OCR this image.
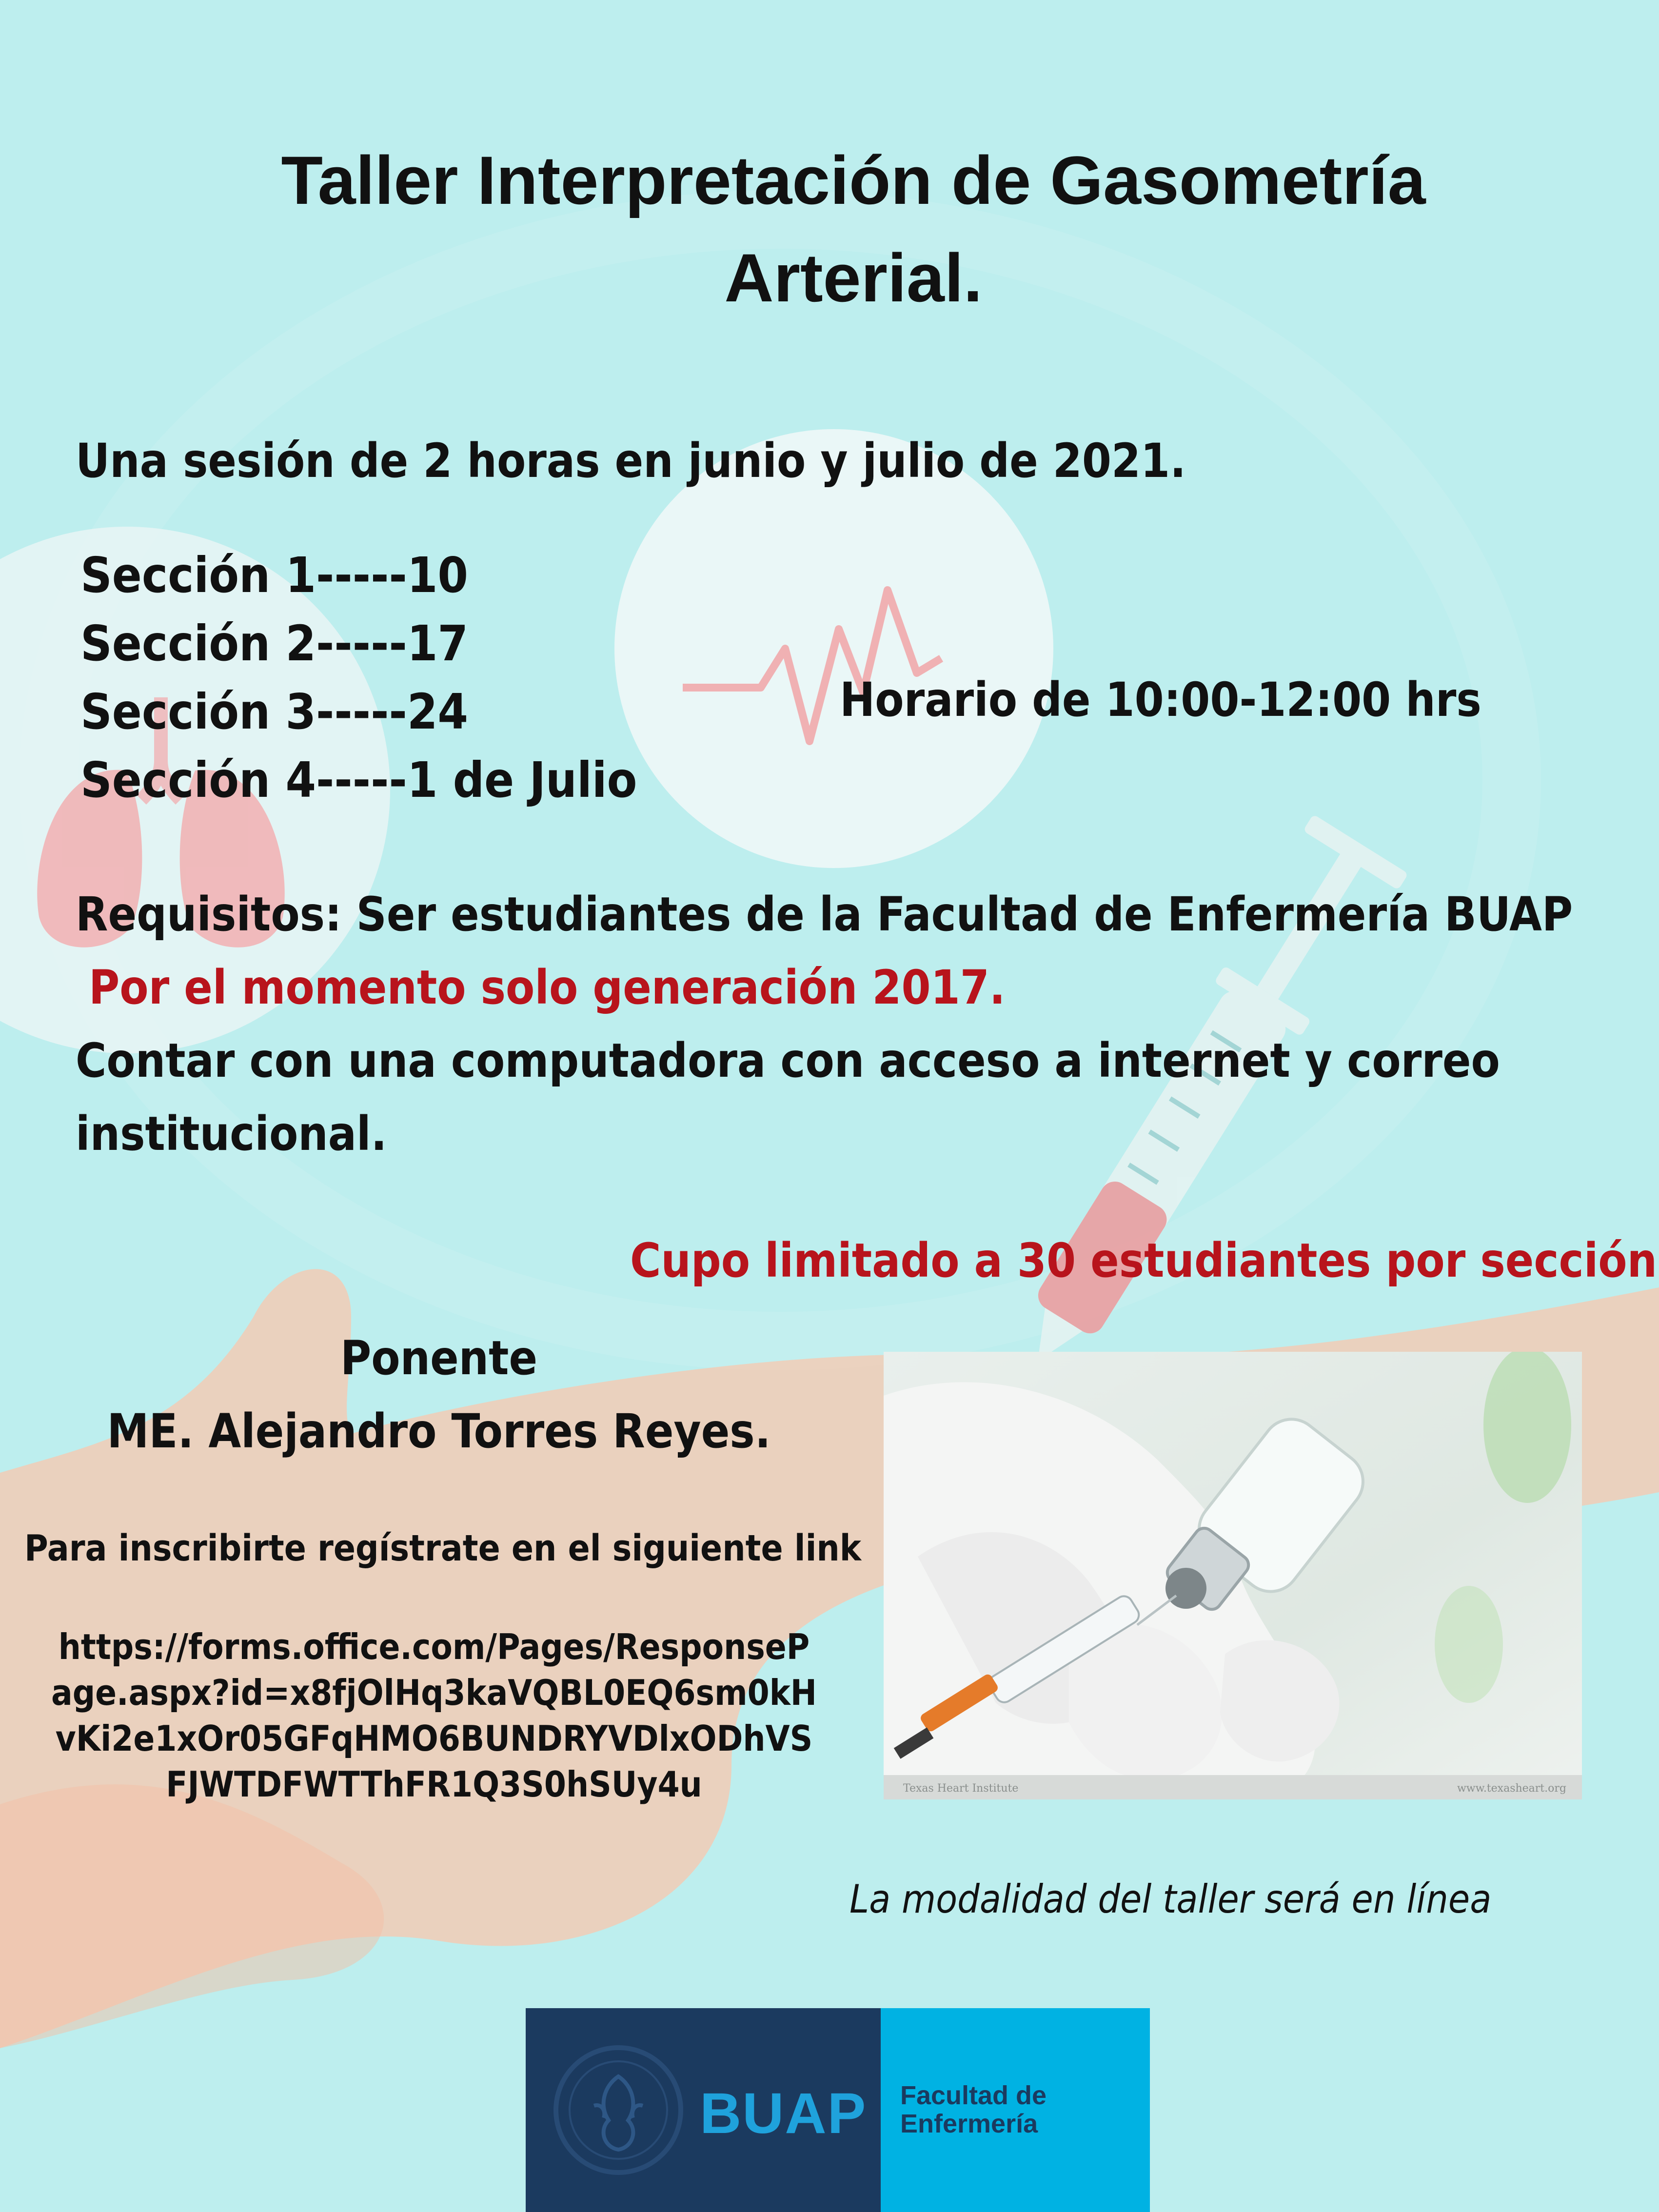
Taller Interpretación de Gasometría
Arterial.

Una sesión de 2 horas en junio y julio de 2021.

Sección 1-----10
Sección 2-----17
Sección 3-----24
Sección 4-----1 de Julio

Horario de 10:00-12:00 hrs

Requisitos: Ser estudiantes de la Facultad de Enfermería BUAP

Por el momento solo generación 2017.

Contar con una computadora con acceso a internet y correo

institucional.

Cupo limitado a 30 estudiantes por sección

Ponente

ME. Alejandro Torres Reyes.

Para inscribirte regístrate en el siguiente link

https://forms.office.com/Pages/ResponsePage.aspx?id=x8fjOlHq3kaVQBL0EQ6sm0kHvKi2e1xOr05GFqHMO6BUNDRYVDlxODhVSFJWTDFWTThFR1Q3S0hSUy4u	Texas Heart Institute	www.texasheart.org

La modalidad del taller será en línea

BUAP Facultad de
Enfermería
